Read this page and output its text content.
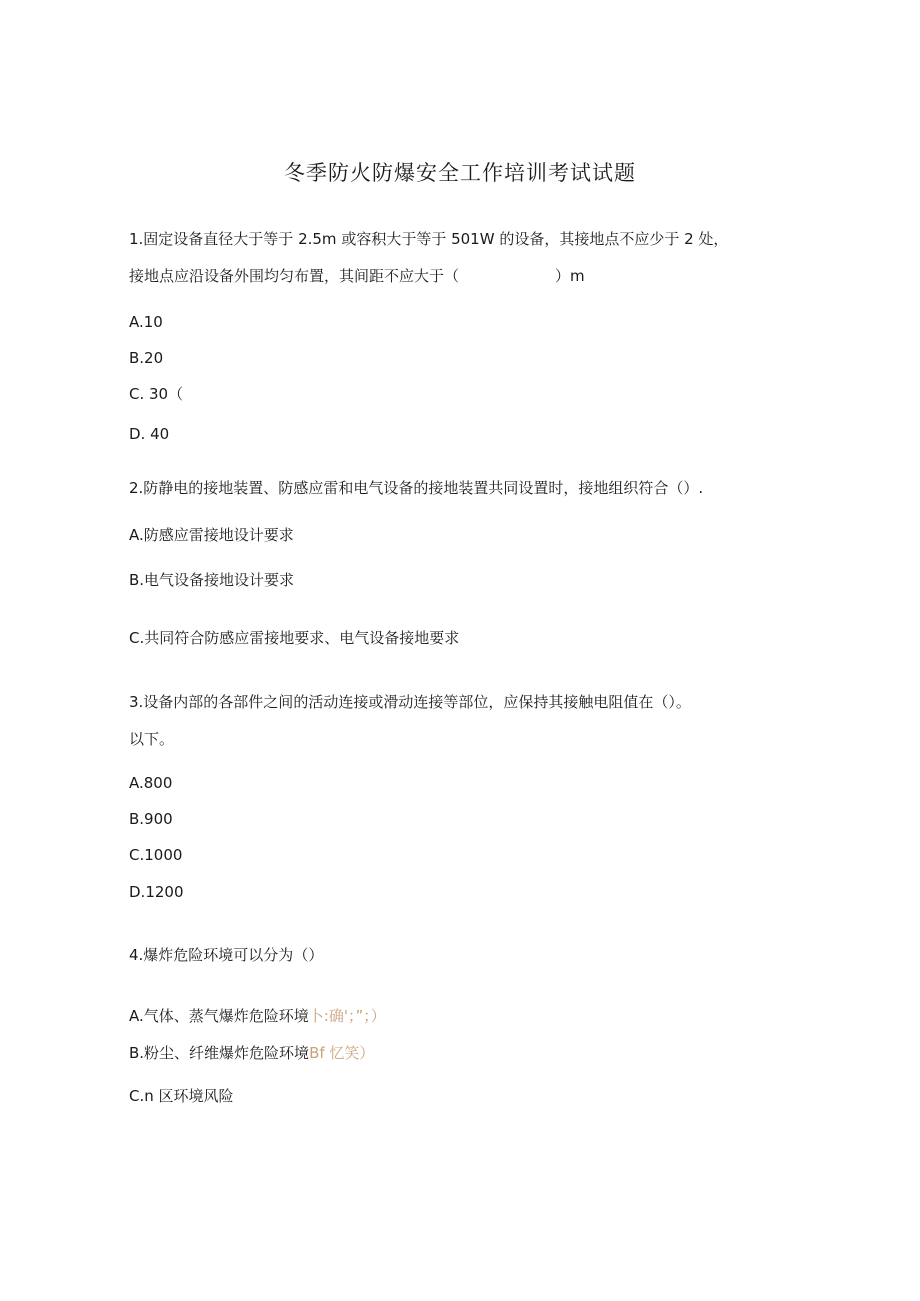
冬季防火防爆安全工作培训考试试题
1.固定设备直径大于等于 2.5m 或容积大于等于 501W 的设备，其接地点不应少于 2 处，
接地点应沿设备外围均匀布置，其间距不应大于（	）m
A.10
B.20
C. 30（
D. 40
2.防静电的接地装置、防感应雷和电气设备的接地装置共同设置时，接地组织符合（）.
A.防感应雷接地设计要求
B.电气设备接地设计要求
C.共同符合防感应雷接地要求、电气设备接地要求
3.设备内部的各部件之间的活动连接或滑动连接等部位，应保持其接触电阻值在（）。
以下。
A.800
B.900
C.1000
D.1200
4.爆炸危险环境可以分为（）
A.气体、蒸气爆炸危险环境卜:确'；”；）
B.粉尘、纤维爆炸危险环境Bf 忆笑）
C.n 区环境风险
